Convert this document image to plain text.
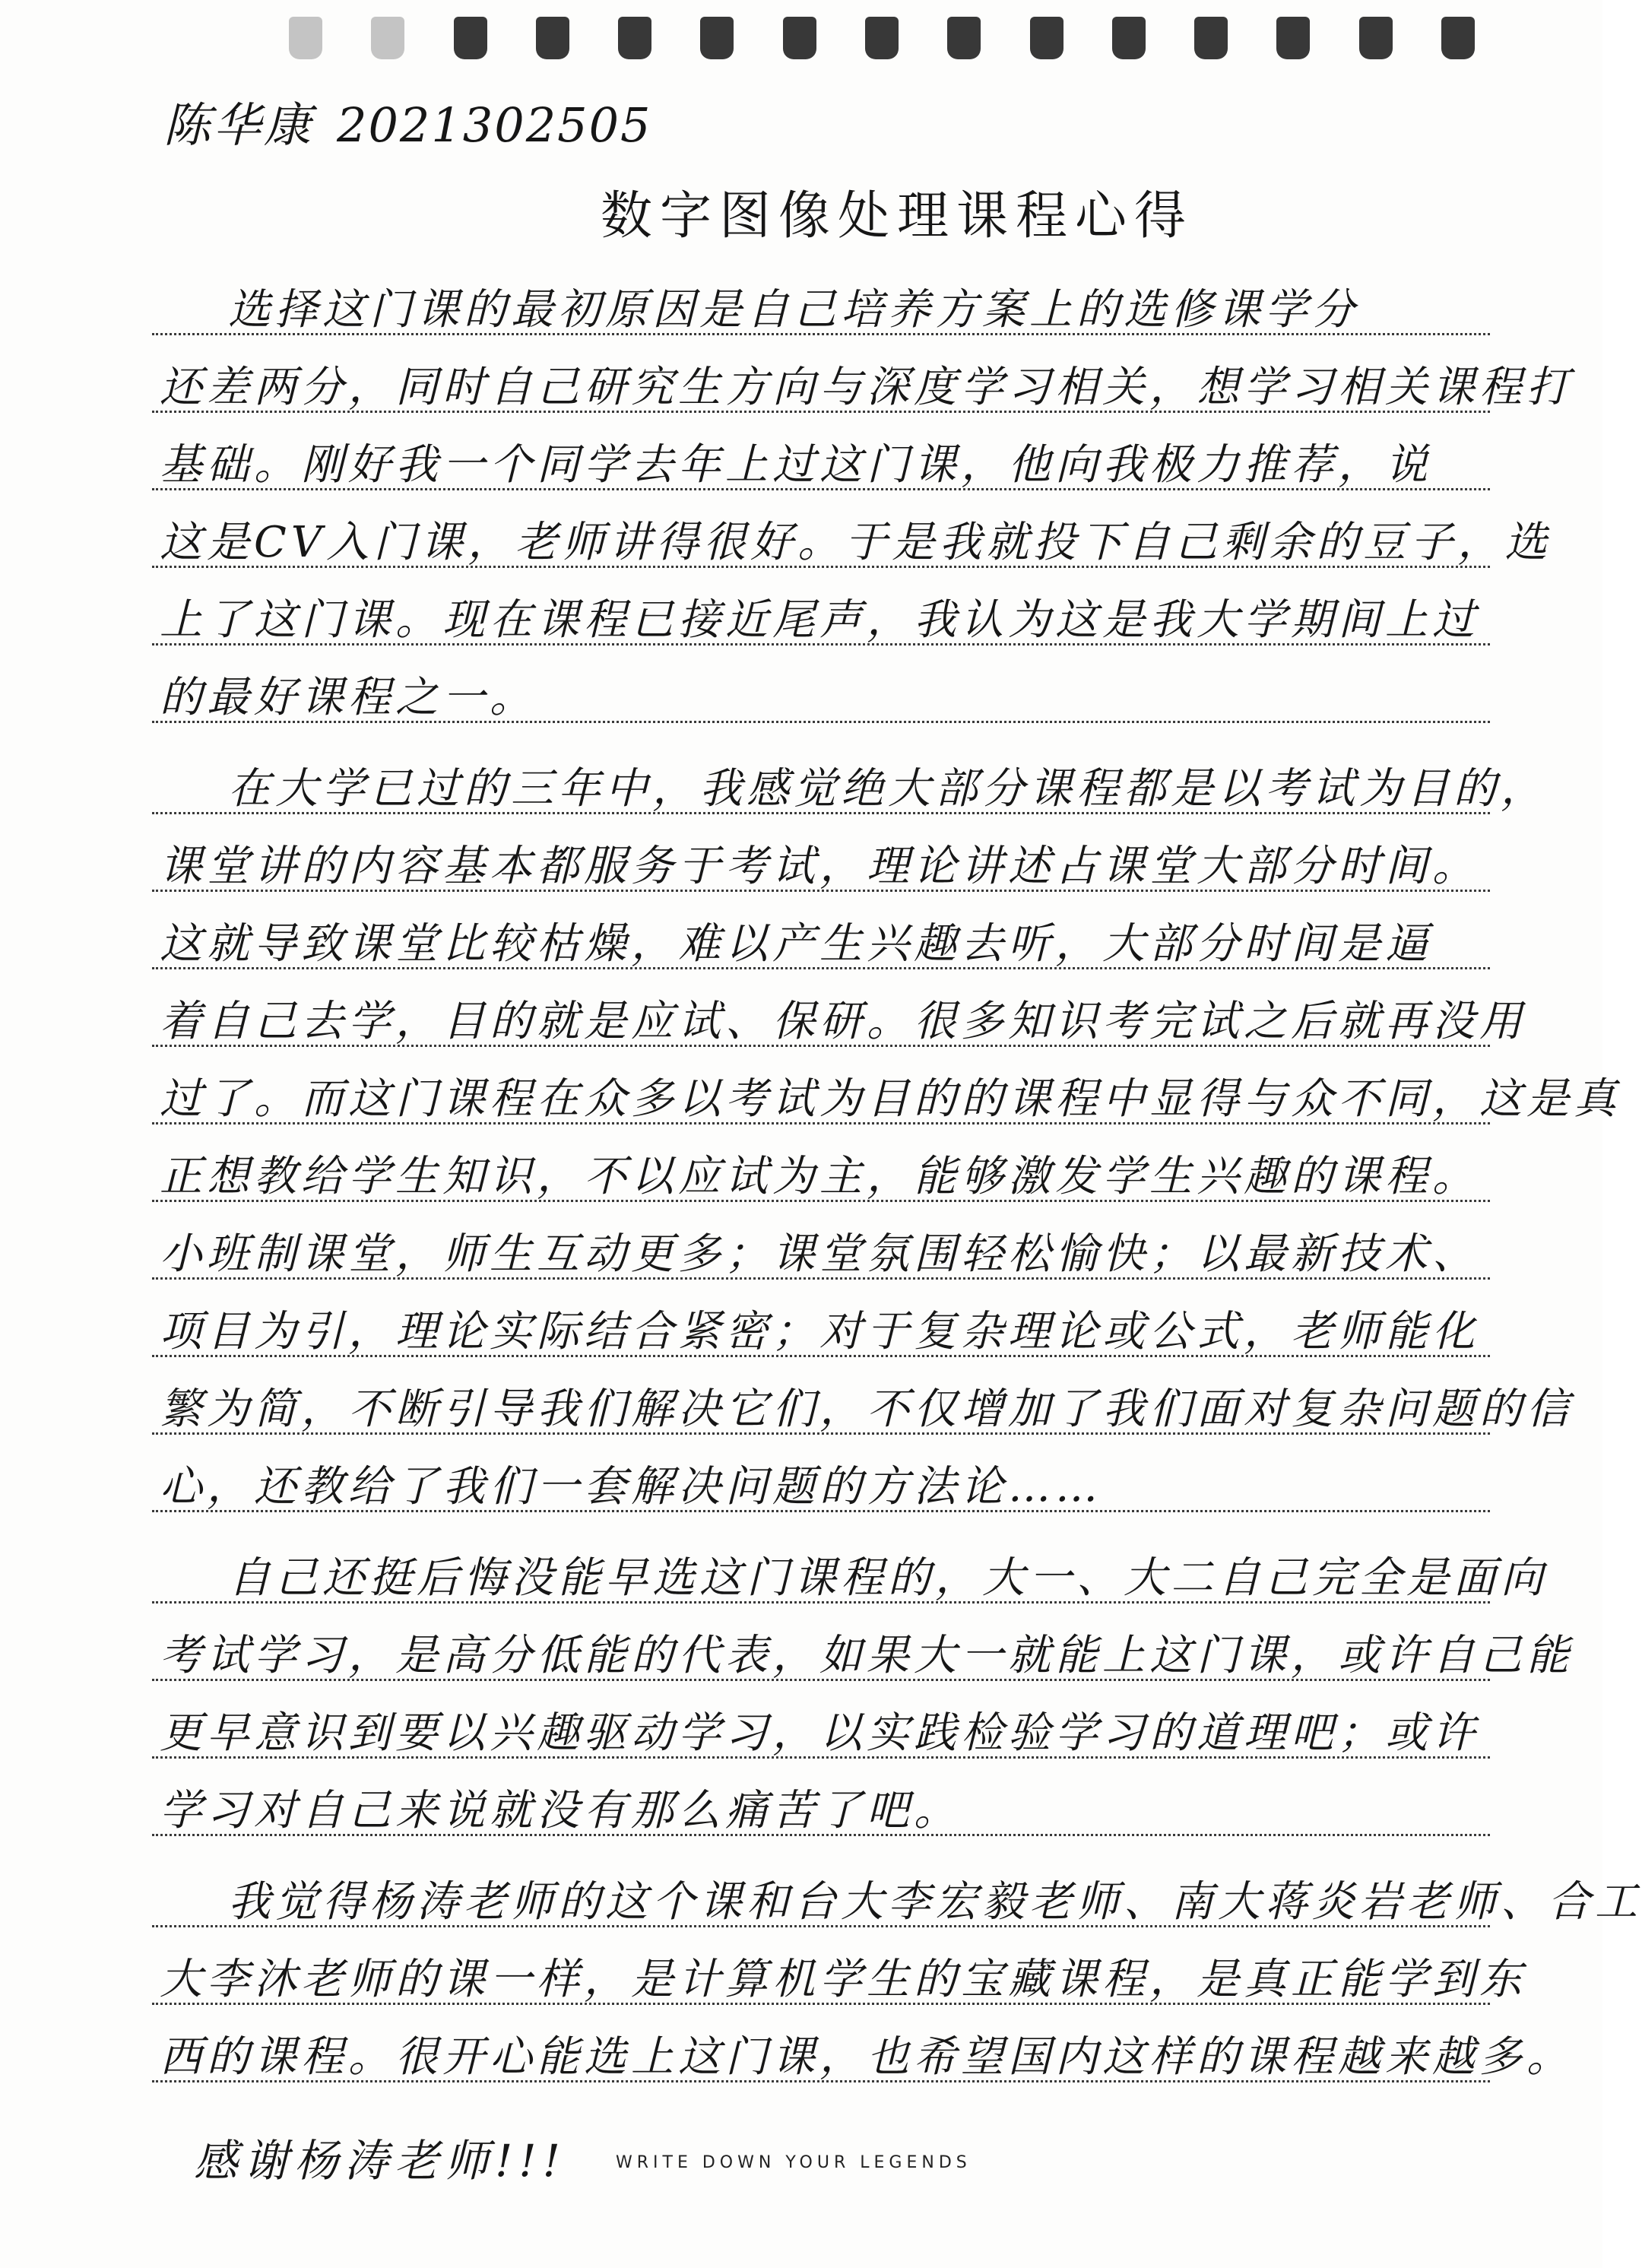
陈华康 2021302505
数字图像处理课程心得
选择这门课的最初原因是自己培养方案上的选修课学分
还差两分，同时自己研究生方向与深度学习相关，想学习相关课程打
基础。刚好我一个同学去年上过这门课，他向我极力推荐，说
这是CV入门课，老师讲得很好。于是我就投下自己剩余的豆子，选
上了这门课。现在课程已接近尾声，我认为这是我大学期间上过
的最好课程之一。
在大学已过的三年中，我感觉绝大部分课程都是以考试为目的，
课堂讲的内容基本都服务于考试，理论讲述占课堂大部分时间。
这就导致课堂比较枯燥，难以产生兴趣去听，大部分时间是逼
着自己去学，目的就是应试、保研。很多知识考完试之后就再没用
过了。而这门课程在众多以考试为目的的课程中显得与众不同，这是真
正想教给学生知识，不以应试为主，能够激发学生兴趣的课程。
小班制课堂，师生互动更多；课堂氛围轻松愉快；以最新技术、
项目为引，理论实际结合紧密；对于复杂理论或公式，老师能化
繁为简，不断引导我们解决它们，不仅增加了我们面对复杂问题的信
心，还教给了我们一套解决问题的方法论……
自己还挺后悔没能早选这门课程的，大一、大二自己完全是面向
考试学习，是高分低能的代表，如果大一就能上这门课，或许自己能
更早意识到要以兴趣驱动学习，以实践检验学习的道理吧；或许
学习对自己来说就没有那么痛苦了吧。
我觉得杨涛老师的这个课和台大李宏毅老师、南大蒋炎岩老师、合工
大李沐老师的课一样，是计算机学生的宝藏课程，是真正能学到东
西的课程。很开心能选上这门课，也希望国内这样的课程越来越多。
感谢杨涛老师!!!	WRITE DOWN YOUR LEGENDS
